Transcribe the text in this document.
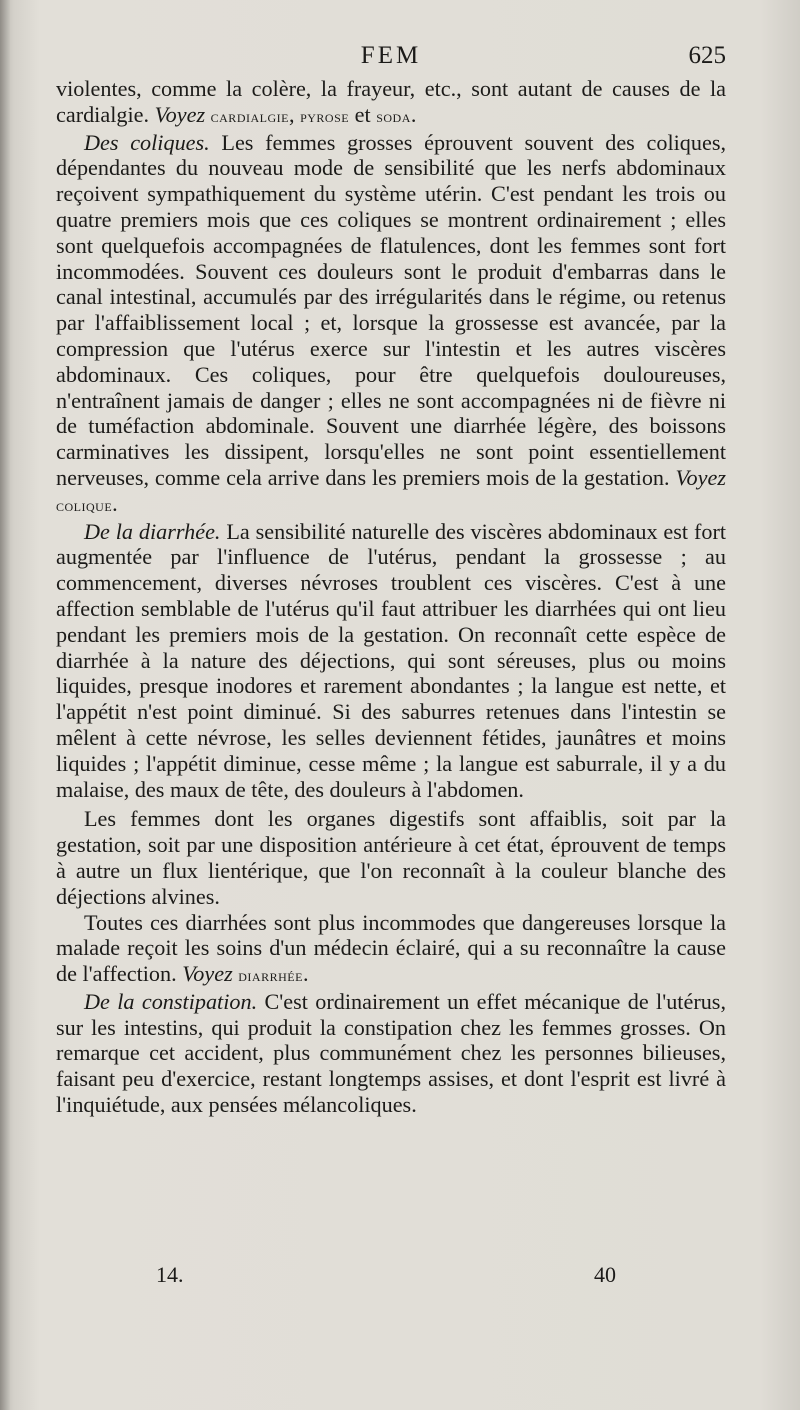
FEM	625

violentes, comme la colère, la frayeur, etc., sont autant de causes de la cardialgie. Voyez cardialgie, pyrose et soda.

Des coliques. Les femmes grosses éprouvent souvent des coliques, dépendantes du nouveau mode de sensibilité que les nerfs abdominaux reçoivent sympathiquement du système utérin. C'est pendant les trois ou quatre premiers mois que ces coliques se montrent ordinairement ; elles sont quelquefois accompagnées de flatulences, dont les femmes sont fort incommodées. Souvent ces douleurs sont le produit d'embarras dans le canal intestinal, accumulés par des irrégularités dans le régime, ou retenus par l'affaiblissement local ; et, lorsque la grossesse est avancée, par la compression que l'utérus exerce sur l'intestin et les autres viscères abdominaux. Ces coliques, pour être quelquefois douloureuses, n'entraînent jamais de danger ; elles ne sont accompagnées ni de fièvre ni de tuméfaction abdominale. Souvent une diarrhée légère, des boissons carminatives les dissipent, lorsqu'elles ne sont point essentiellement nerveuses, comme cela arrive dans les premiers mois de la gestation. Voyez colique.

De la diarrhée. La sensibilité naturelle des viscères abdominaux est fort augmentée par l'influence de l'utérus, pendant la grossesse ; au commencement, diverses névroses troublent ces viscères. C'est à une affection semblable de l'utérus qu'il faut attribuer les diarrhées qui ont lieu pendant les premiers mois de la gestation. On reconnaît cette espèce de diarrhée à la nature des déjections, qui sont séreuses, plus ou moins liquides, presque inodores et rarement abondantes ; la langue est nette, et l'appétit n'est point diminué. Si des saburres retenues dans l'intestin se mêlent à cette névrose, les selles deviennent fétides, jaunâtres et moins liquides ; l'appétit diminue, cesse même ; la langue est saburrale, il y a du malaise, des maux de tête, des douleurs à l'abdomen.

Les femmes dont les organes digestifs sont affaiblis, soit par la gestation, soit par une disposition antérieure à cet état, éprouvent de temps à autre un flux lientérique, que l'on reconnaît à la couleur blanche des déjections alvines.

Toutes ces diarrhées sont plus incommodes que dangereuses lorsque la malade reçoit les soins d'un médecin éclairé, qui a su reconnaître la cause de l'affection. Voyez diarrhée.

De la constipation. C'est ordinairement un effet mécanique de l'utérus, sur les intestins, qui produit la constipation chez les femmes grosses. On remarque cet accident, plus communément chez les personnes bilieuses, faisant peu d'exercice, restant longtemps assises, et dont l'esprit est livré à l'inquiétude, aux pensées mélancoliques.

14.	40
